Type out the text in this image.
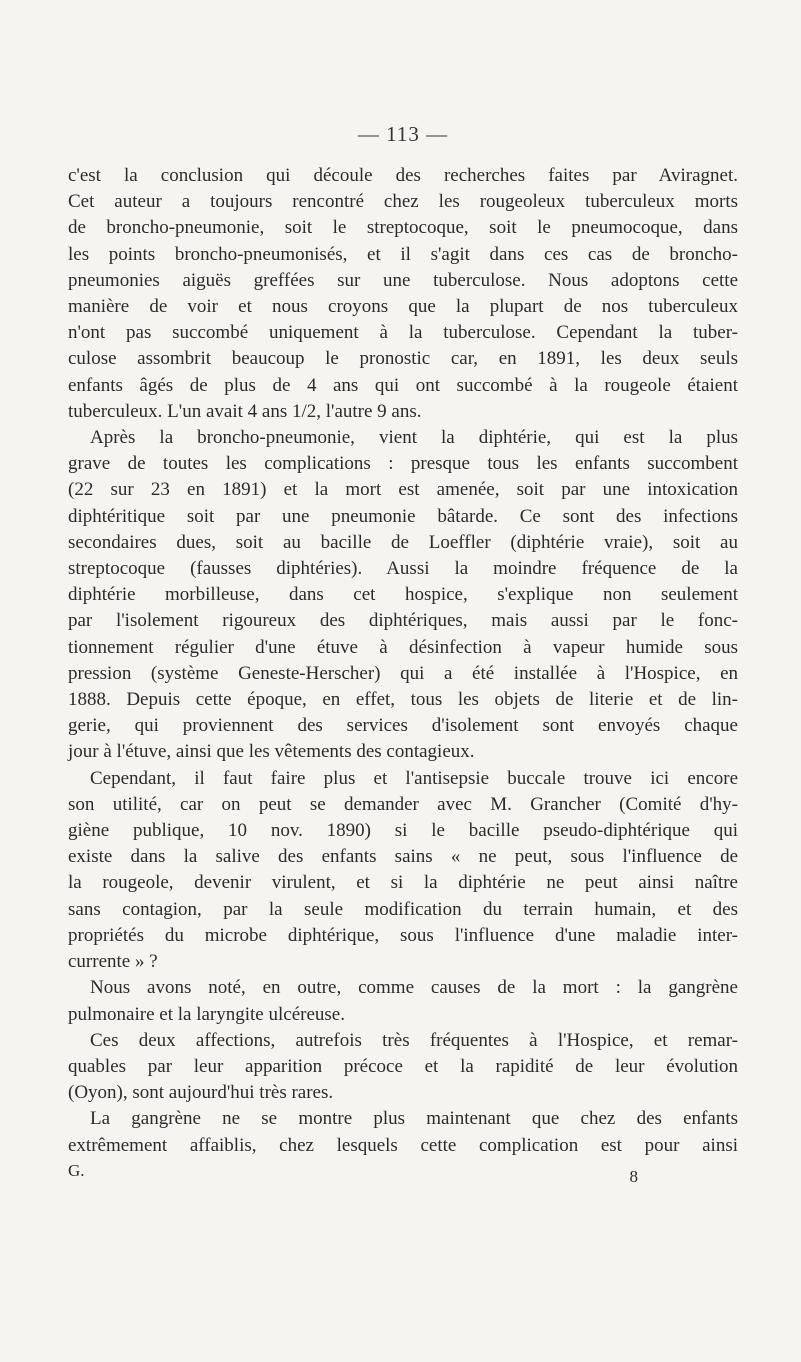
— 113 —

c'est la conclusion qui découle des recherches faites par Aviragnet.
Cet auteur a toujours rencontré chez les rougeoleux tuberculeux morts
de broncho-pneumonie, soit le streptocoque, soit le pneumocoque, dans
les points broncho-pneumonisés, et il s'agit dans ces cas de broncho-
pneumonies aiguës greffées sur une tuberculose. Nous adoptons cette
manière de voir et nous croyons que la plupart de nos tuberculeux
n'ont pas succombé uniquement à la tuberculose. Cependant la tuber-
culose assombrit beaucoup le pronostic car, en 1891, les deux seuls
enfants âgés de plus de 4 ans qui ont succombé à la rougeole étaient
tuberculeux. L'un avait 4 ans 1/2, l'autre 9 ans.

Après la broncho-pneumonie, vient la diphtérie, qui est la plus
grave de toutes les complications : presque tous les enfants succombent
(22 sur 23 en 1891) et la mort est amenée, soit par une intoxication
diphtéritique soit par une pneumonie bâtarde. Ce sont des infections
secondaires dues, soit au bacille de Loeffler (diphtérie vraie), soit au
streptocoque (fausses diphtéries). Aussi la moindre fréquence de la
diphtérie morbilleuse, dans cet hospice, s'explique non seulement
par l'isolement rigoureux des diphtériques, mais aussi par le fonc-
tionnement régulier d'une étuve à désinfection à vapeur humide sous
pression (système Geneste-Herscher) qui a été installée à l'Hospice, en
1888. Depuis cette époque, en effet, tous les objets de literie et de lin-
gerie, qui proviennent des services d'isolement sont envoyés chaque
jour à l'étuve, ainsi que les vêtements des contagieux.

Cependant, il faut faire plus et l'antisepsie buccale trouve ici encore
son utilité, car on peut se demander avec M. Grancher (Comité d'hy-
giène publique, 10 nov. 1890) si le bacille pseudo-diphtérique qui
existe dans la salive des enfants sains « ne peut, sous l'influence de
la rougeole, devenir virulent, et si la diphtérie ne peut ainsi naître
sans contagion, par la seule modification du terrain humain, et des
propriétés du microbe diphtérique, sous l'influence d'une maladie inter-
currente » ?

Nous avons noté, en outre, comme causes de la mort : la gangrène
pulmonaire et la laryngite ulcéreuse.

Ces deux affections, autrefois très fréquentes à l'Hospice, et remar-
quables par leur apparition précoce et la rapidité de leur évolution
(Oyon), sont aujourd'hui très rares.

La gangrène ne se montre plus maintenant que chez des enfants
extrêmement affaiblis, chez lesquels cette complication est pour ainsi

G.	8
